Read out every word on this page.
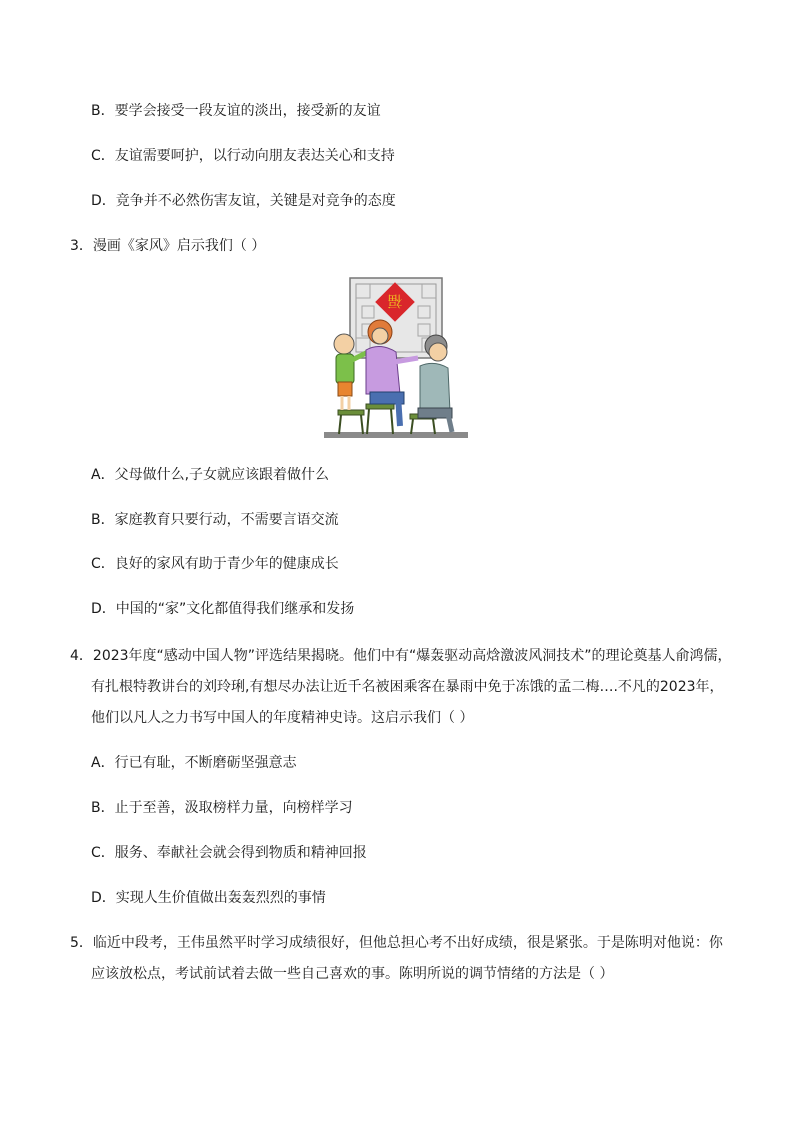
B．要学会接受一段友谊的淡出，接受新的友谊
C．友谊需要呵护，以行动向朋友表达关心和支持
D．竞争并不必然伤害友谊，关键是对竞争的态度
3．漫画《家风》启示我们（ ）
福
A．父母做什么,子女就应该跟着做什么
B．家庭教育只要行动，不需要言语交流
C．良好的家风有助于青少年的健康成长
D．中国的“家”文化都值得我们继承和发扬
4．2023年度“感动中国人物”评选结果揭晓。他们中有“爆轰驱动高焓激波风洞技术”的理论奠基人俞鸿儒，
有扎根特教讲台的刘玲琍,有想尽办法让近千名被困乘客在暴雨中免于冻饿的孟二梅….不凡的2023年，
他们以凡人之力书写中国人的年度精神史诗。这启示我们（ ）
A．行已有耻，不断磨砺坚强意志
B．止于至善，汲取榜样力量，向榜样学习
C．服务、奉献社会就会得到物质和精神回报
D．实现人生价值做出轰轰烈烈的事情
5．临近中段考，王伟虽然平时学习成绩很好，但他总担心考不出好成绩，很是紧张。于是陈明对他说：你
应该放松点，考试前试着去做一些自己喜欢的事。陈明所说的调节情绪的方法是（ ）
